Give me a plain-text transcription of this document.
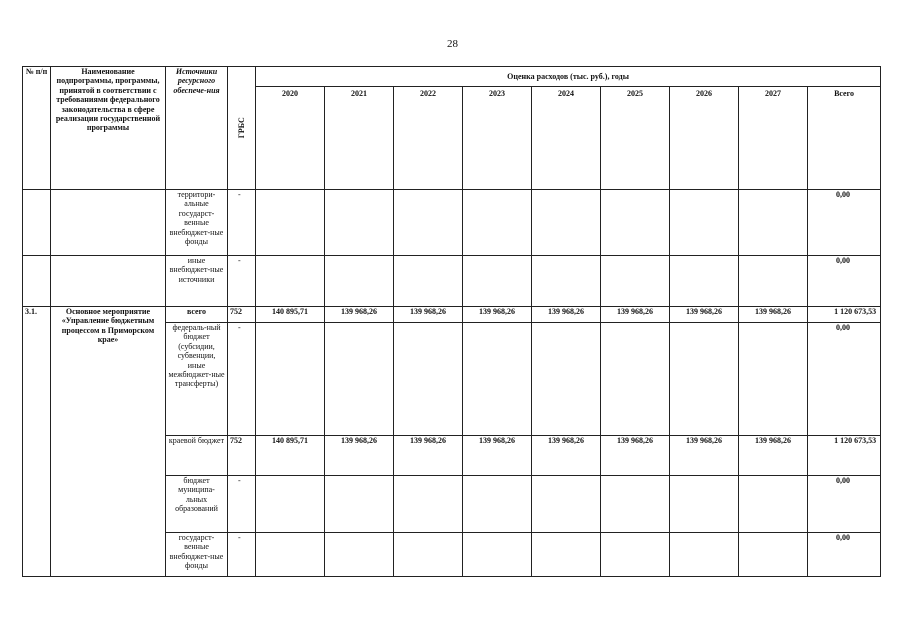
28
№ п/п	Наименование подпрограммы, программы, принятой в соответствии с требованиями федерального законодательства в сфере реализации государственной программы	Источники ресурсного обеспече-ния	ГРБС	Оценка расходов (тыс. руб.), годы								
				2020	2021	2022	2023	2024	2025	2026	2027	Всего
		территори-альные государст-венные внебюджет-ные фонды	-									0,00
		иные внебюджет-ные источники	-									0,00
3.1.	Основное мероприятие «Управление бюджетным процессом в Приморском крае»	всего	752	140 895,71	139 968,26	139 968,26	139 968,26	139 968,26	139 968,26	139 968,26	139 968,26	1 120 673,53
		федераль-ный бюджет (субсидии, субвенции, иные межбюджет-ные трансферты)	-									0,00
		краевой бюджет	752	140 895,71	139 968,26	139 968,26	139 968,26	139 968,26	139 968,26	139 968,26	139 968,26	1 120 673,53
		бюджет муниципа-льных образований	-									0,00
		государст-венные внебюджет-ные фонды	-									0,00
